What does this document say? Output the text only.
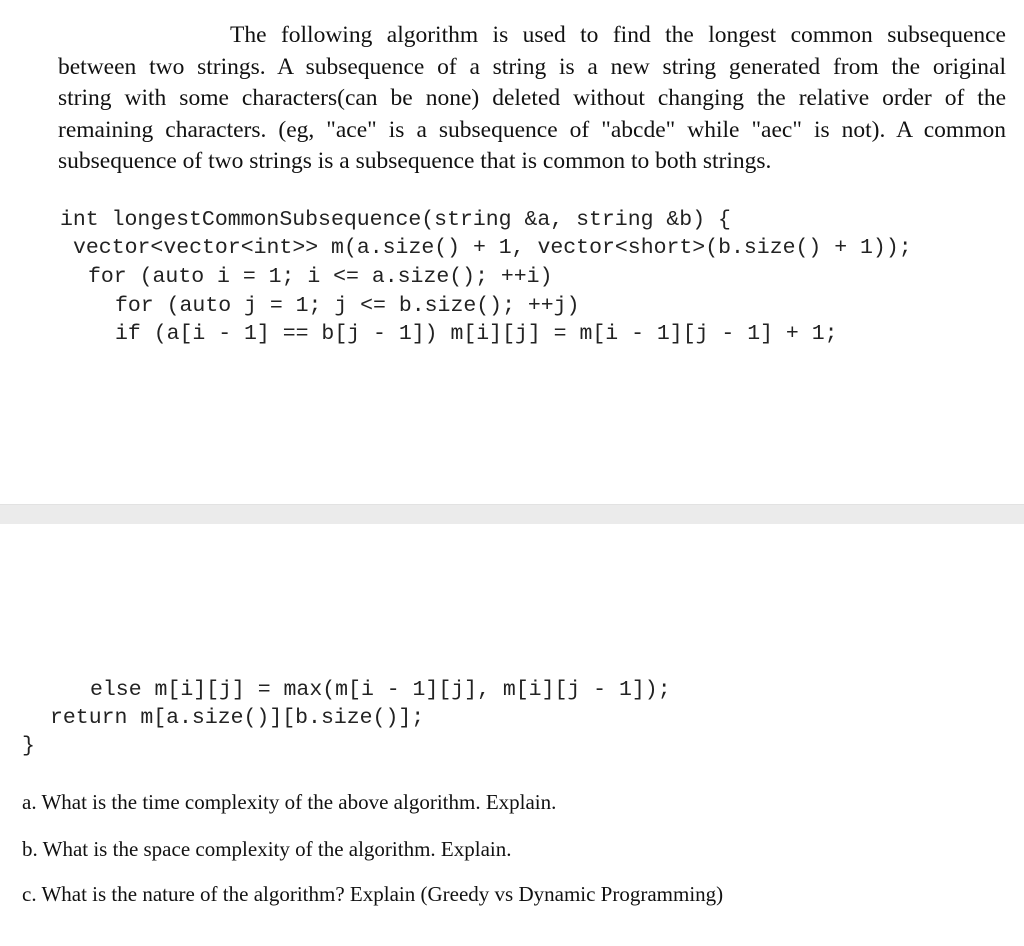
The following algorithm is used to find the longest common subsequence
between two strings. A subsequence of a string is a new string generated from the original
string with some characters(can be none) deleted without changing the relative order of the
remaining characters. (eg, "ace" is a subsequence of "abcde" while "aec" is not). A common
subsequence of two strings is a subsequence that is common to both strings.
int longestCommonSubsequence(string &a, string &b) {
vector<vector<int>> m(a.size() + 1, vector<short>(b.size() + 1));
for (auto i = 1; i <= a.size(); ++i)
for (auto j = 1; j <= b.size(); ++j)
if (a[i - 1] == b[j - 1]) m[i][j] = m[i - 1][j - 1] + 1;
else m[i][j] = max(m[i - 1][j], m[i][j - 1]);
return m[a.size()][b.size()];
}
a. What is the time complexity of the above algorithm. Explain.
b. What is the space complexity of the algorithm. Explain.
c. What is the nature of the algorithm? Explain (Greedy vs Dynamic Programming)
